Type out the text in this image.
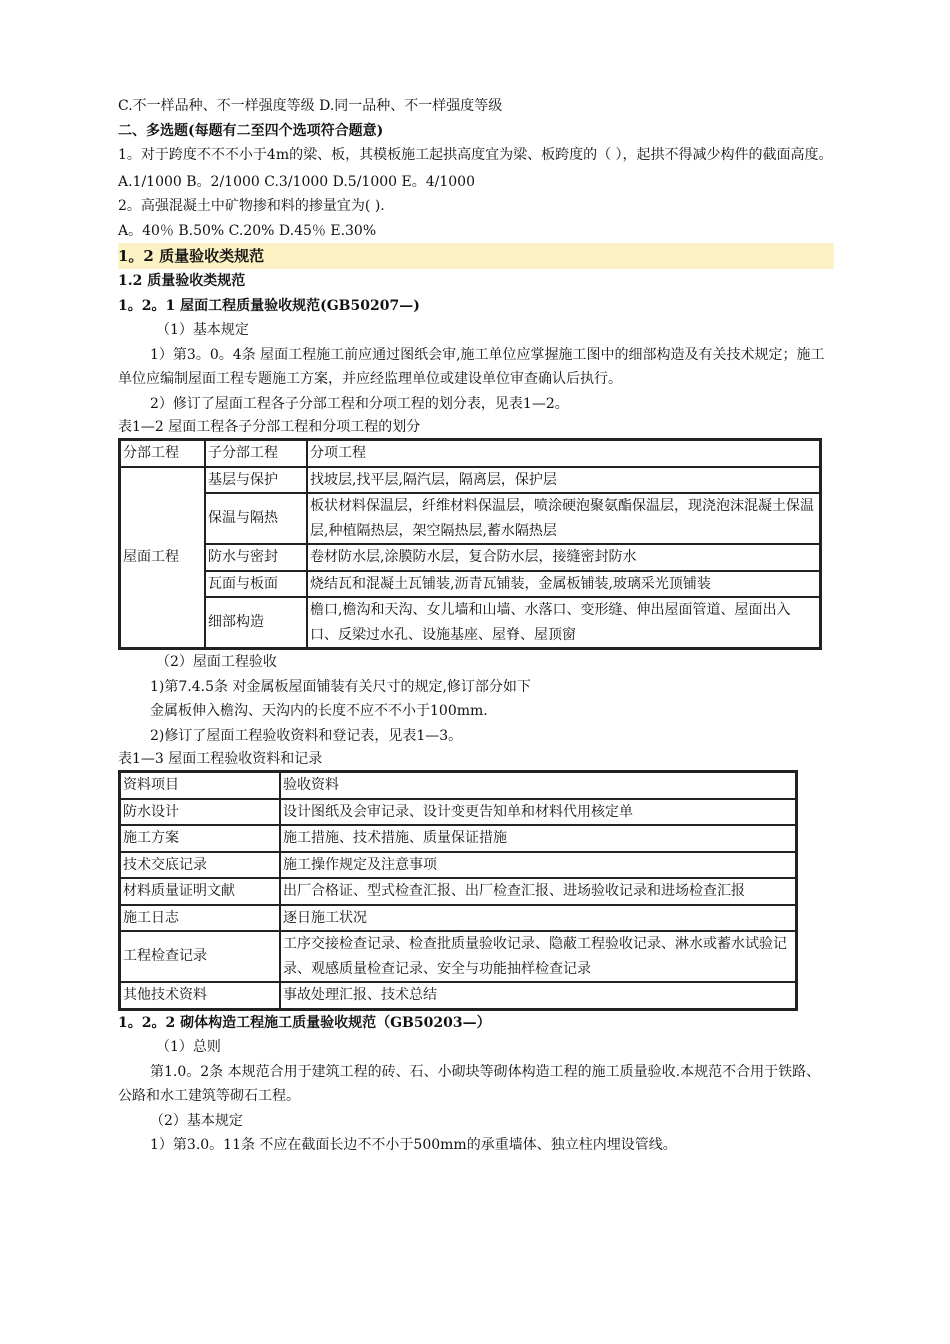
C.不一样品种、不一样强度等级 D.同一品种、不一样强度等级
二、多选题(每题有二至四个选项符合题意)
1。对于跨度不不不小于4m的梁、板，其模板施工起拱高度宜为梁、板跨度的（ ），起拱不得减少构件的截面高度。
A.1/1000 B。2/1000 C.3/1000 D.5/1000 E。4/1000
2。高强混凝土中矿物掺和料的掺量宜为( ).
A。40％ B.50% C.20% D.45％ E.30%
1。2 质量验收类规范
1.2 质量验收类规范
1。2。1 屋面工程质量验收规范(GB50207—)
（1）基本规定
1）第3。0。4条 屋面工程施工前应通过图纸会审,施工单位应掌握施工图中的细部构造及有关技术规定；施工单位应编制屋面工程专题施工方案，并应经监理单位或建设单位审查确认后执行。
2）修订了屋面工程各子分部工程和分项工程的划分表，见表1—2。
表1—2 屋面工程各子分部工程和分项工程的划分
分部工程	子分部工程	分项工程
屋面工程	基层与保护	找坡层,找平层,隔汽层，隔离层，保护层
	保温与隔热	板状材料保温层，纤维材料保温层，喷涂硬泡聚氨酯保温层，现浇泡沫混凝土保温层,种植隔热层，架空隔热层,蓄水隔热层
	防水与密封	卷材防水层,涂膜防水层，复合防水层，接缝密封防水
	瓦面与板面	烧结瓦和混凝土瓦铺装,沥青瓦铺装，金属板铺装,玻璃采光顶铺装
	细部构造	檐口,檐沟和天沟、女儿墙和山墙、水落口、变形缝、伸出屋面管道、屋面出入口、反梁过水孔、设施基座、屋脊、屋顶窗
（2）屋面工程验收
1)第7.4.5条 对金属板屋面铺装有关尺寸的规定,修订部分如下
金属板伸入檐沟、天沟内的长度不应不不小于100mm.
2)修订了屋面工程验收资料和登记表，见表1—3。
表1—3 屋面工程验收资料和记录
资料项目	验收资料
防水设计	设计图纸及会审记录、设计变更告知单和材料代用核定单
施工方案	施工措施、技术措施、质量保证措施
技术交底记录	施工操作规定及注意事项
材料质量证明文献	出厂合格证、型式检查汇报、出厂检查汇报、进场验收记录和进场检查汇报
施工日志	逐日施工状况
工程检查记录	工序交接检查记录、检查批质量验收记录、隐蔽工程验收记录、淋水或蓄水试验记录、观感质量检查记录、安全与功能抽样检查记录
其他技术资料	事故处理汇报、技术总结
1。2。2 砌体构造工程施工质量验收规范（GB50203—）
（1）总则
第1.0。2条 本规范合用于建筑工程的砖、石、小砌块等砌体构造工程的施工质量验收.本规范不合用于铁路、公路和水工建筑等砌石工程。
（2）基本规定
1）第3.0。11条 不应在截面长边不不小于500mm的承重墙体、独立柱内埋设管线。
